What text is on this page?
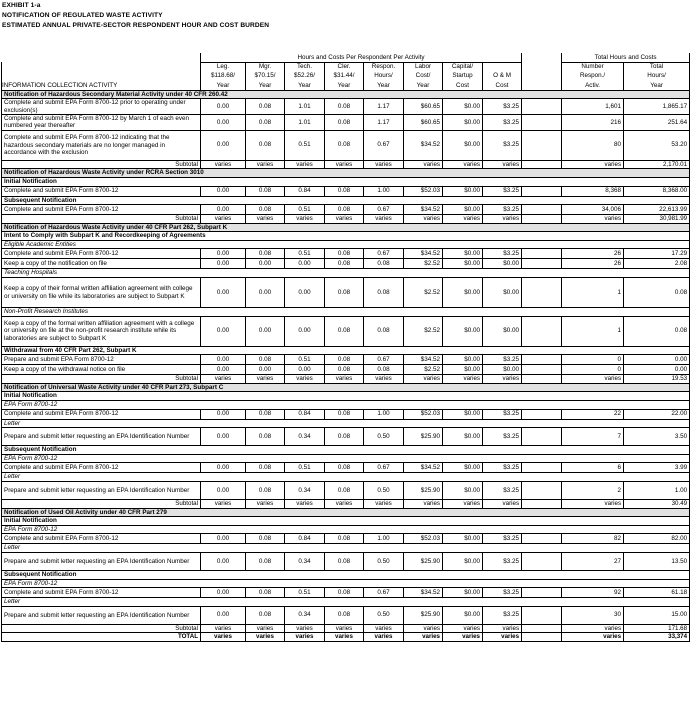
EXHIBIT 1-a
NOTIFICATION OF REGULATED WASTE ACTIVITY
ESTIMATED ANNUAL PRIVATE-SECTOR RESPONDENT HOUR AND COST BURDEN
	Hours and Costs Per Respondent Per Activity									Total Hours and Costs		
	Leg.	Mgr.	Tech.	Cler.	Respon.	Labor	Capital/			Number	Total	
	$118.68/	$70.15/	$52.26/	$31.44/	Hours/	Cost/	Startup	O & M		Respon./	Hours/	
INFORMATION COLLECTION ACTIVITY	Year	Year	Year	Year	Year	Year	Cost	Cost		Activ.	Year	
Notification of Hazardous Secondary Material Activity under 40 CFR 260.42												
Complete and submit EPA Form 8700-12 prior to operating under exclusion(s)	0.00	0.08	1.01	0.08	1.17	$60.65	$0.00	$3.25		1,601	1,865.17	
Complete and submit EPA Form 8700-12 by March 1 of each even numbered year thereafter	0.00	0.08	1.01	0.08	1.17	$60.65	$0.00	$3.25		216	251.64	
Complete and submit EPA Form 8700-12 indicating that the hazardous secondary materials are no longer managed in accordance with the exclusion	0.00	0.08	0.51	0.08	0.67	$34.52	$0.00	$3.25		80	53.20	
Subtotal	varies	varies	varies	varies	varies	varies	varies	varies		varies	2,170.01	
Notification of Hazardous Waste Activity under RCRA Section 3010												
Initial Notification												
Complete and submit EPA Form 8700-12	0.00	0.08	0.84	0.08	1.00	$52.03	$0.00	$3.25		8,368	8,368.00	
Subsequent Notification												
Complete and submit EPA Form 8700-12	0.00	0.08	0.51	0.08	0.67	$34.52	$0.00	$3.25		34,006	22,613.99	
Subtotal	varies	varies	varies	varies	varies	varies	varies	varies		varies	30,981.99	
Notification of Hazardous Waste Activity under 40 CFR Part 262, Subpart K												
Intent to Comply with Subpart K and Recordkeeping of Agreements												
Eligible Academic Entities												
Complete and submit EPA Form 8700-12	0.00	0.08	0.51	0.08	0.67	$34.52	$0.00	$3.25		26	17.29	
Keep a copy of the notification on file	0.00	0.00	0.00	0.08	0.08	$2.52	$0.00	$0.00		26	2.08	
Teaching Hospitals												
Keep a copy of their formal written affiliation agreement with college or university on file while its laboratories are subject to Subpart K	0.00	0.00	0.00	0.08	0.08	$2.52	$0.00	$0.00		1	0.08	
Non-Profit Research Institutes												
Keep a copy of the formal written affiliation agreement with a college or university on file at the non-profit research institute while its laboratories are subject to Subpart K	0.00	0.00	0.00	0.08	0.08	$2.52	$0.00	$0.00		1	0.08	
Withdrawal from 40 CFR Part 262, Subpart K												
Prepare and submit EPA Form 8700-12	0.00	0.08	0.51	0.08	0.67	$34.52	$0.00	$3.25		0	0.00	
Keep a copy of the withdrawal notice on file	0.00	0.00	0.00	0.08	0.08	$2.52	$0.00	$0.00		0	0.00	
Subtotal	varies	varies	varies	varies	varies	varies	varies	varies		varies	19.53	
Notification of Universal Waste Activity under 40 CFR Part 273, Subpart C												
Initial Notification												
EPA Form 8700-12												
Complete and submit EPA Form 8700-12	0.00	0.08	0.84	0.08	1.00	$52.03	$0.00	$3.25		22	22.00	
Letter												
Prepare and submit letter requesting an EPA Identification Number	0.00	0.08	0.34	0.08	0.50	$25.90	$0.00	$3.25		7	3.50	
Subsequent Notification												
EPA Form 8700-12												
Complete and submit EPA Form 8700-12	0.00	0.08	0.51	0.08	0.67	$34.52	$0.00	$3.25		6	3.99	
Letter												
Prepare and submit letter requesting an EPA Identification Number	0.00	0.08	0.34	0.08	0.50	$25.90	$0.00	$3.25		2	1.00	
Subtotal	varies	varies	varies	varies	varies	varies	varies	varies		varies	30.49	
Notification of Used Oil Activity under 40 CFR Part 279												
Initial Notification												
EPA Form 8700-12												
Complete and submit EPA Form 8700-12	0.00	0.08	0.84	0.08	1.00	$52.03	$0.00	$3.25		82	82.00	
Letter												
Prepare and submit letter requesting an EPA Identification Number	0.00	0.08	0.34	0.08	0.50	$25.90	$0.00	$3.25		27	13.50	
Subsequent Notification												
EPA Form 8700-12												
Complete and submit EPA Form 8700-12	0.00	0.08	0.51	0.08	0.67	$34.52	$0.00	$3.25		92	61.18	
Letter												
Prepare and submit letter requesting an EPA Identification Number	0.00	0.08	0.34	0.08	0.50	$25.90	$0.00	$3.25		30	15.00	
Subtotal	varies	varies	varies	varies	varies	varies	varies	varies		varies	171.68	
TOTAL	varies	varies	varies	varies	varies	varies	varies	varies		varies	33,374	
